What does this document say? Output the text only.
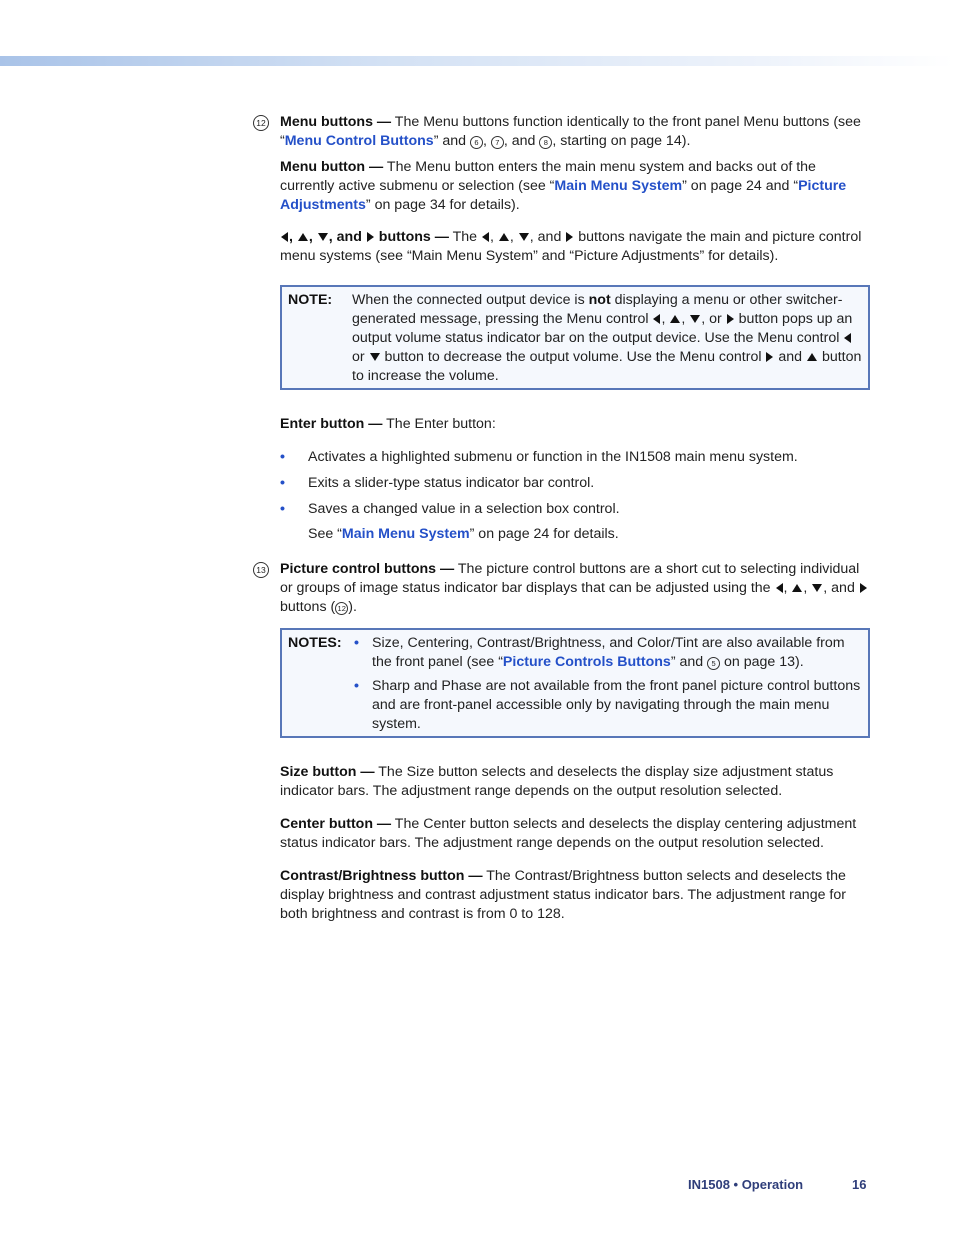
12 Menu buttons — The Menu buttons function identically to the front panel Menu buttons (see “Menu Control Buttons” and 6 , 7 , and 8 , starting on page 14).

Menu button — The Menu button enters the main menu system and backs out of the currently active submenu or selection (see “Main Menu System” on page 24 and “Picture Adjustments” on page 34 for details).

, , , and  buttons — The , , , and  buttons navigate the main and picture control menu systems (see “Main Menu System” and “Picture Adjustments” for details).

NOTE:	When the connected output device is not displaying a menu or other switcher-generated message, pressing the Menu control , , , or  button pops up an output volume status indicator bar on the output device. Use the Menu control  or  button to decrease the output volume. Use the Menu control  and  button to increase the volume.

Enter button — The Enter button:

• Activates a highlighted submenu or function in the IN1508 main menu system.
• Exits a slider-type status indicator bar control.
• Saves a changed value in a selection box control.

See “Main Menu System” on page 24 for details.

13 Picture control buttons — The picture control buttons are a short cut to selecting individual or groups of image status indicator bar displays that can be adjusted using the , , , and  buttons ( 12 ).

NOTES:
•	Size, Centering, Contrast/Brightness, and Color/Tint are also available from the front panel (see “Picture Controls Buttons” and 5 on page 13).
• Sharp and Phase are not available from the front panel picture control buttons and are front-panel accessible only by navigating through the main menu system.

Size button — The Size button selects and deselects the display size adjustment status indicator bars. The adjustment range depends on the output resolution selected.

Center button — The Center button selects and deselects the display centering adjustment status indicator bars. The adjustment range depends on the output resolution selected.

Contrast/Brightness button — The Contrast/Brightness button selects and deselects the display brightness and contrast adjustment status indicator bars. The adjustment range for both brightness and contrast is from 0 to 128.

IN1508 • Operation	16
